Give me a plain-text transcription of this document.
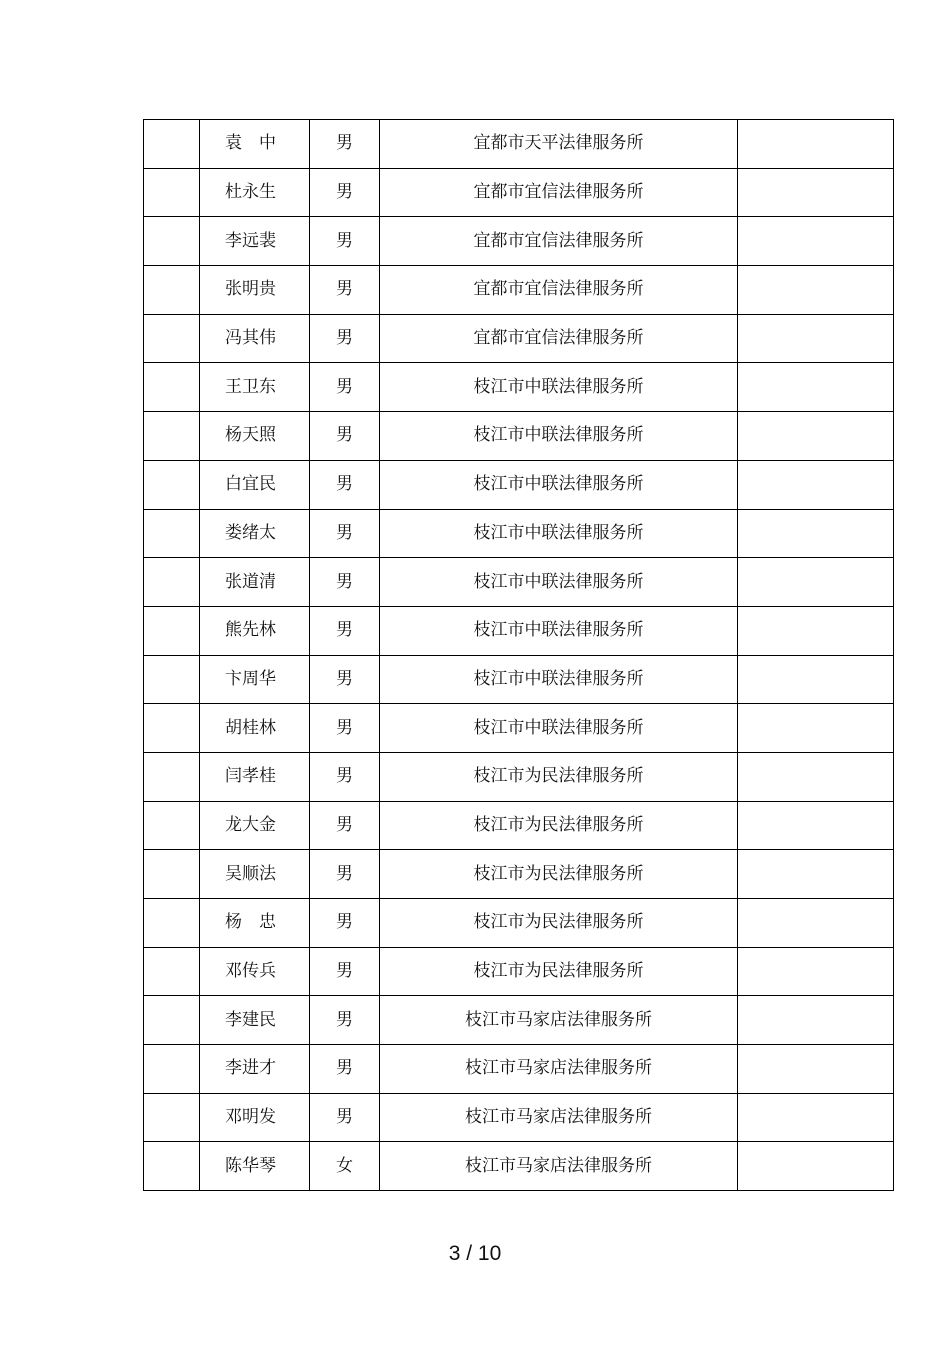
	袁　中	男	宜都市天平法律服务所	
	杜永生	男	宜都市宜信法律服务所	
	李远裴	男	宜都市宜信法律服务所	
	张明贵	男	宜都市宜信法律服务所	
	冯其伟	男	宜都市宜信法律服务所	
	王卫东	男	枝江市中联法律服务所	
	杨天照	男	枝江市中联法律服务所	
	白宜民	男	枝江市中联法律服务所	
	娄绪太	男	枝江市中联法律服务所	
	张道清	男	枝江市中联法律服务所	
	熊先林	男	枝江市中联法律服务所	
	卞周华	男	枝江市中联法律服务所	
	胡桂林	男	枝江市中联法律服务所	
	闫孝桂	男	枝江市为民法律服务所	
	龙大金	男	枝江市为民法律服务所	
	吴顺法	男	枝江市为民法律服务所	
	杨　忠	男	枝江市为民法律服务所	
	邓传兵	男	枝江市为民法律服务所	
	李建民	男	枝江市马家店法律服务所	
	李进才	男	枝江市马家店法律服务所	
	邓明发	男	枝江市马家店法律服务所	
	陈华琴	女	枝江市马家店法律服务所	
3 / 10
